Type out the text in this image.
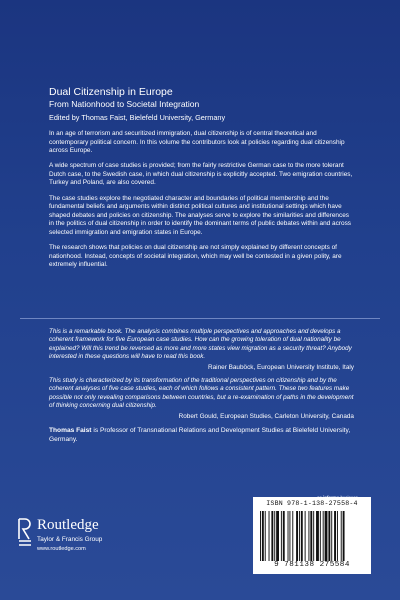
Dual Citizenship in Europe

From Nationhood to Societal Integration

Edited by Thomas Faist, Bielefeld University, Germany

In an age of terrorism and securitized immigration, dual citizenship is of central theoretical and contemporary political concern. In this volume the contributors look at policies regarding dual citizenship across Europe.

A wide spectrum of case studies is provided; from the fairly restrictive German case to the more tolerant Dutch case, to the Swedish case, in which dual citizenship is explicitly accepted. Two emigration countries, Turkey and Poland, are also covered.

The case studies explore the negotiated character and boundaries of political membership and the fundamental beliefs and arguments within distinct political cultures and institutional settings which have shaped debates and policies on citizenship. The analyses serve to explore the similarities and differences in the politics of dual citizenship in order to identify the dominant terms of public debates within and across selected immigration and emigration states in Europe.

The research shows that policies on dual citizenship are not simply explained by different concepts of nationhood. Instead, concepts of societal integration, which may well be contested in a given polity, are extremely influential.

This is a remarkable book. The analysis combines multiple perspectives and approaches and develops a coherent framework for five European case studies. How can the growing toleration of dual nationality be explained? Will this trend be reversed as more and more states view migration as a security threat? Anybody interested in these questions will have to read this book.

Rainer Bauböck, European University Institute, Italy

This study is characterized by its transformation of the traditional perspectives on citizenship and by the coherent analyses of five case studies, each of which follows a consistent pattern. These two features make possible not only revealing comparisons between countries, but a re-examination of paths in the development of thinking concerning dual citizenship.

Robert Gould, European Studies, Carleton University, Canada

Thomas Faist is Professor of Transnational Relations and Development Studies at Bielefeld University, Germany.

Routledge
Taylor & Francis Group
www.routledge.com
ISBN 978-1-138-27558-4
9 781138 275584
